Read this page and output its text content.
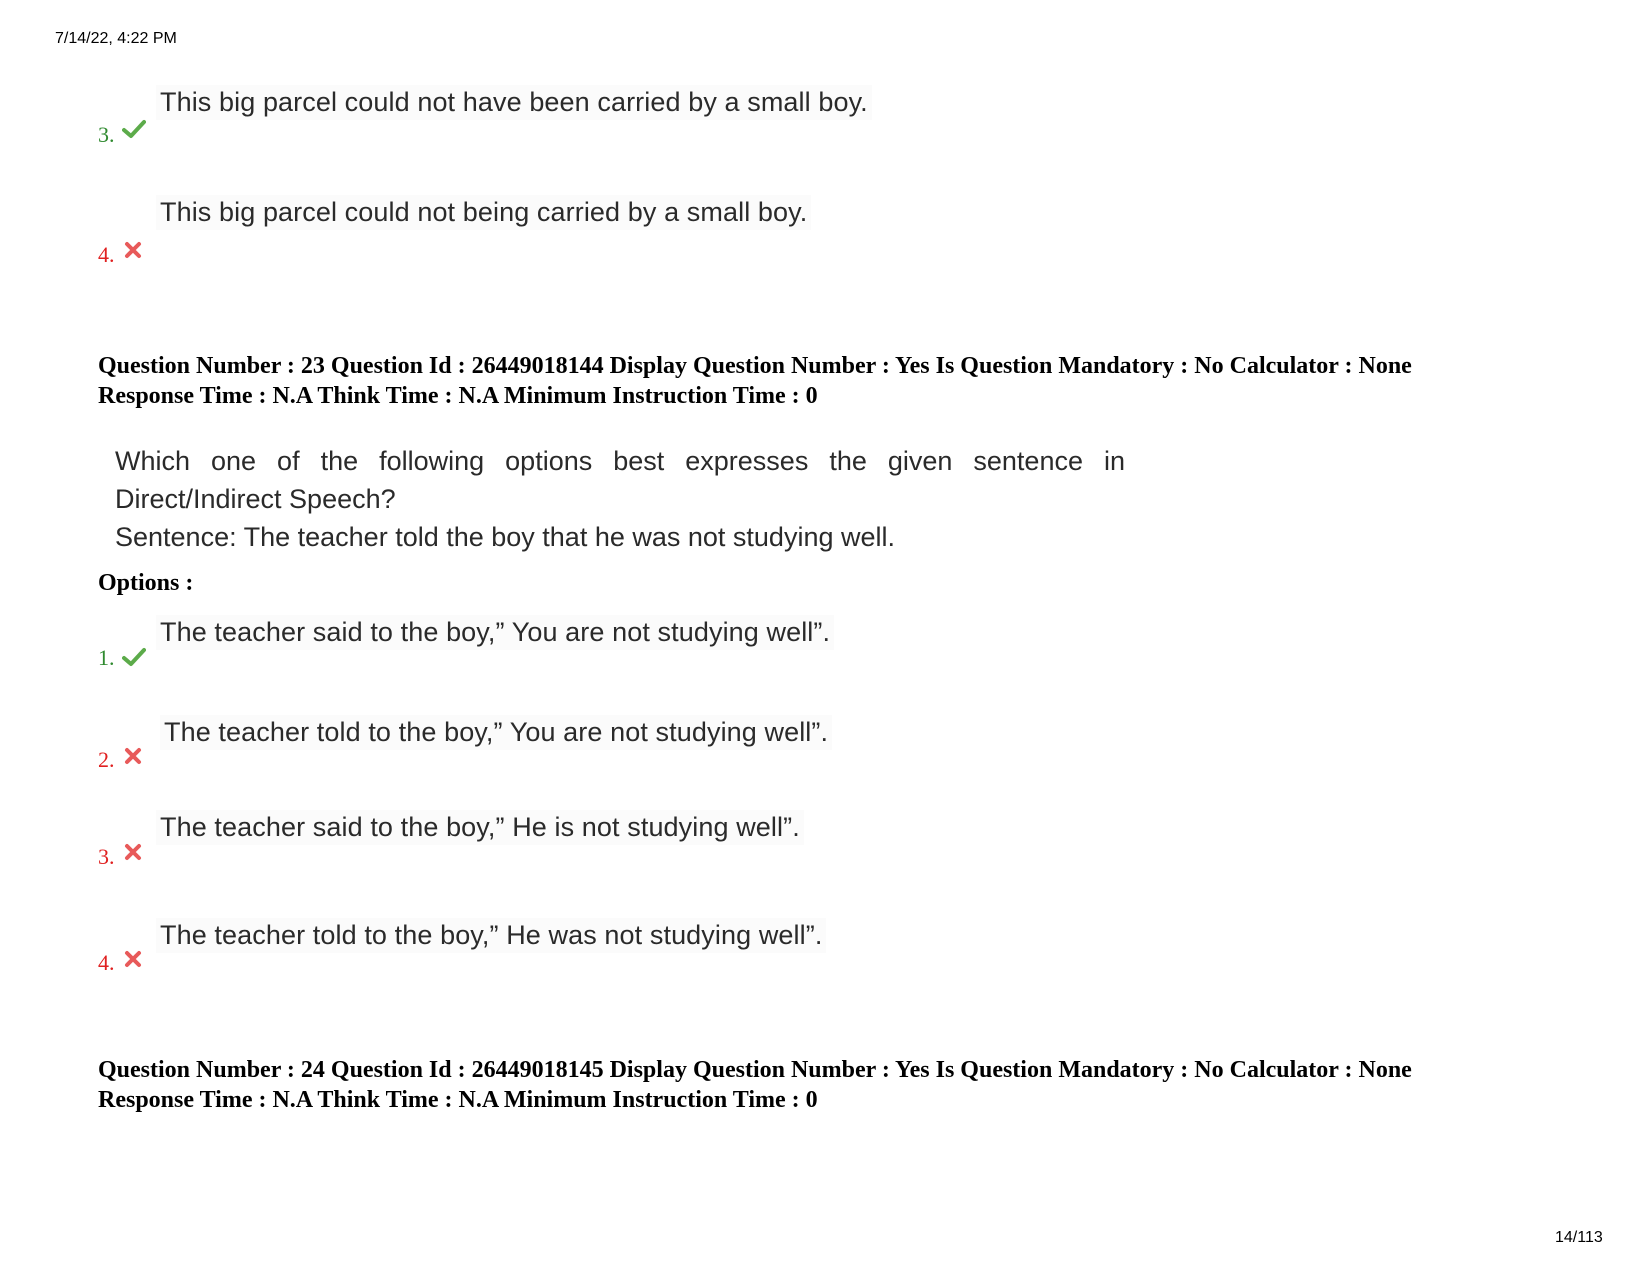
7/14/22, 4:22 PM
This big parcel could not have been carried by a small boy.
3.
This big parcel could not being carried by a small boy.
4.
Question Number : 23 Question Id : 26449018144 Display Question Number : Yes Is Question Mandatory : No Calculator : None
Response Time : N.A Think Time : N.A Minimum Instruction Time : 0
Which one of the following options best expresses the given sentence in
Direct/Indirect Speech?
Sentence: The teacher told the boy that he was not studying well.
Options :
The teacher said to the boy,” You are not studying well”.
1.
The teacher told to the boy,” You are not studying well”.
2.
The teacher said to the boy,” He is not studying well”.
3.
The teacher told to the boy,” He was not studying well”.
4.
Question Number : 24 Question Id : 26449018145 Display Question Number : Yes Is Question Mandatory : No Calculator : None
Response Time : N.A Think Time : N.A Minimum Instruction Time : 0
14/113
